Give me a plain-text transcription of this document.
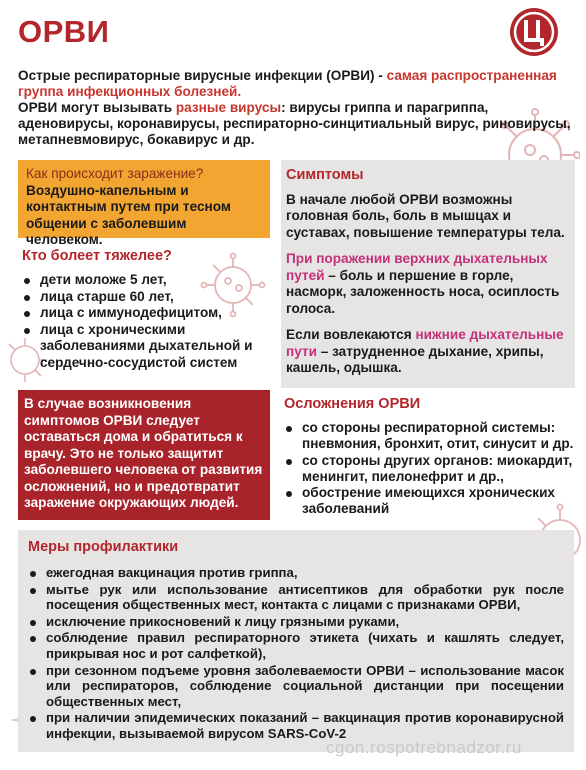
ОРВИ
Острые респираторные вирусные инфекции (ОРВИ) - самая распространенная группа инфекционных болезней.
ОРВИ могут вызывать разные вирусы: вирусы гриппа и парагриппа, аденовирусы, коронавирусы, респираторно-синцитиальный вирус, риновирусы, метапневмовирус, бокавирус и др.
Как происходит заражение?
Воздушно-капельным и контактным путем при тесном общении с заболевшим человеком.
Кто болеет тяжелее?
дети моложе 5 лет,
лица старше 60 лет,
лица с иммунодефицитом,
лица с хроническими заболеваниями дыхательной и сердечно-сосудистой систем
В случае возникновения симптомов ОРВИ следует оставаться дома и обратиться к врачу. Это не только защитит заболевшего человека от развития осложнений, но и предотвратит заражение окружающих людей.
Симптомы

В начале любой ОРВИ возможны головная боль, боль в мышцах и суставах, повышение температуры тела.

При поражении верхних дыхательных путей – боль и першение в горле, насморк, заложенность носа, осиплость голоса.

Если вовлекаются нижние дыхательные пути – затрудненное дыхание, хрипы, кашель, одышка.

Осложнения ОРВИ
со стороны респираторной системы: пневмония, бронхит, отит, синусит и др.
со стороны других органов: миокардит, менингит, пиелонефрит и др.,
обострение имеющихся хронических заболеваний
Меры профилактики
ежегодная вакцинация против гриппа,
мытье рук или использование антисептиков для обработки рук после посещения общественных мест, контакта с лицами с признаками ОРВИ,
исключение прикосновений к лицу грязными руками,
соблюдение правил респираторного этикета (чихать и кашлять следует, прикрывая нос и рот салфеткой),
при сезонном подъеме уровня заболеваемости ОРВИ – использование масок или респираторов, соблюдение социальной дистанции при посещении общественных мест,
при наличии эпидемических показаний – вакцинация против коронавирусной инфекции, вызываемой вирусом SARS-CoV-2
cgon.rospotrebnadzor.ru
